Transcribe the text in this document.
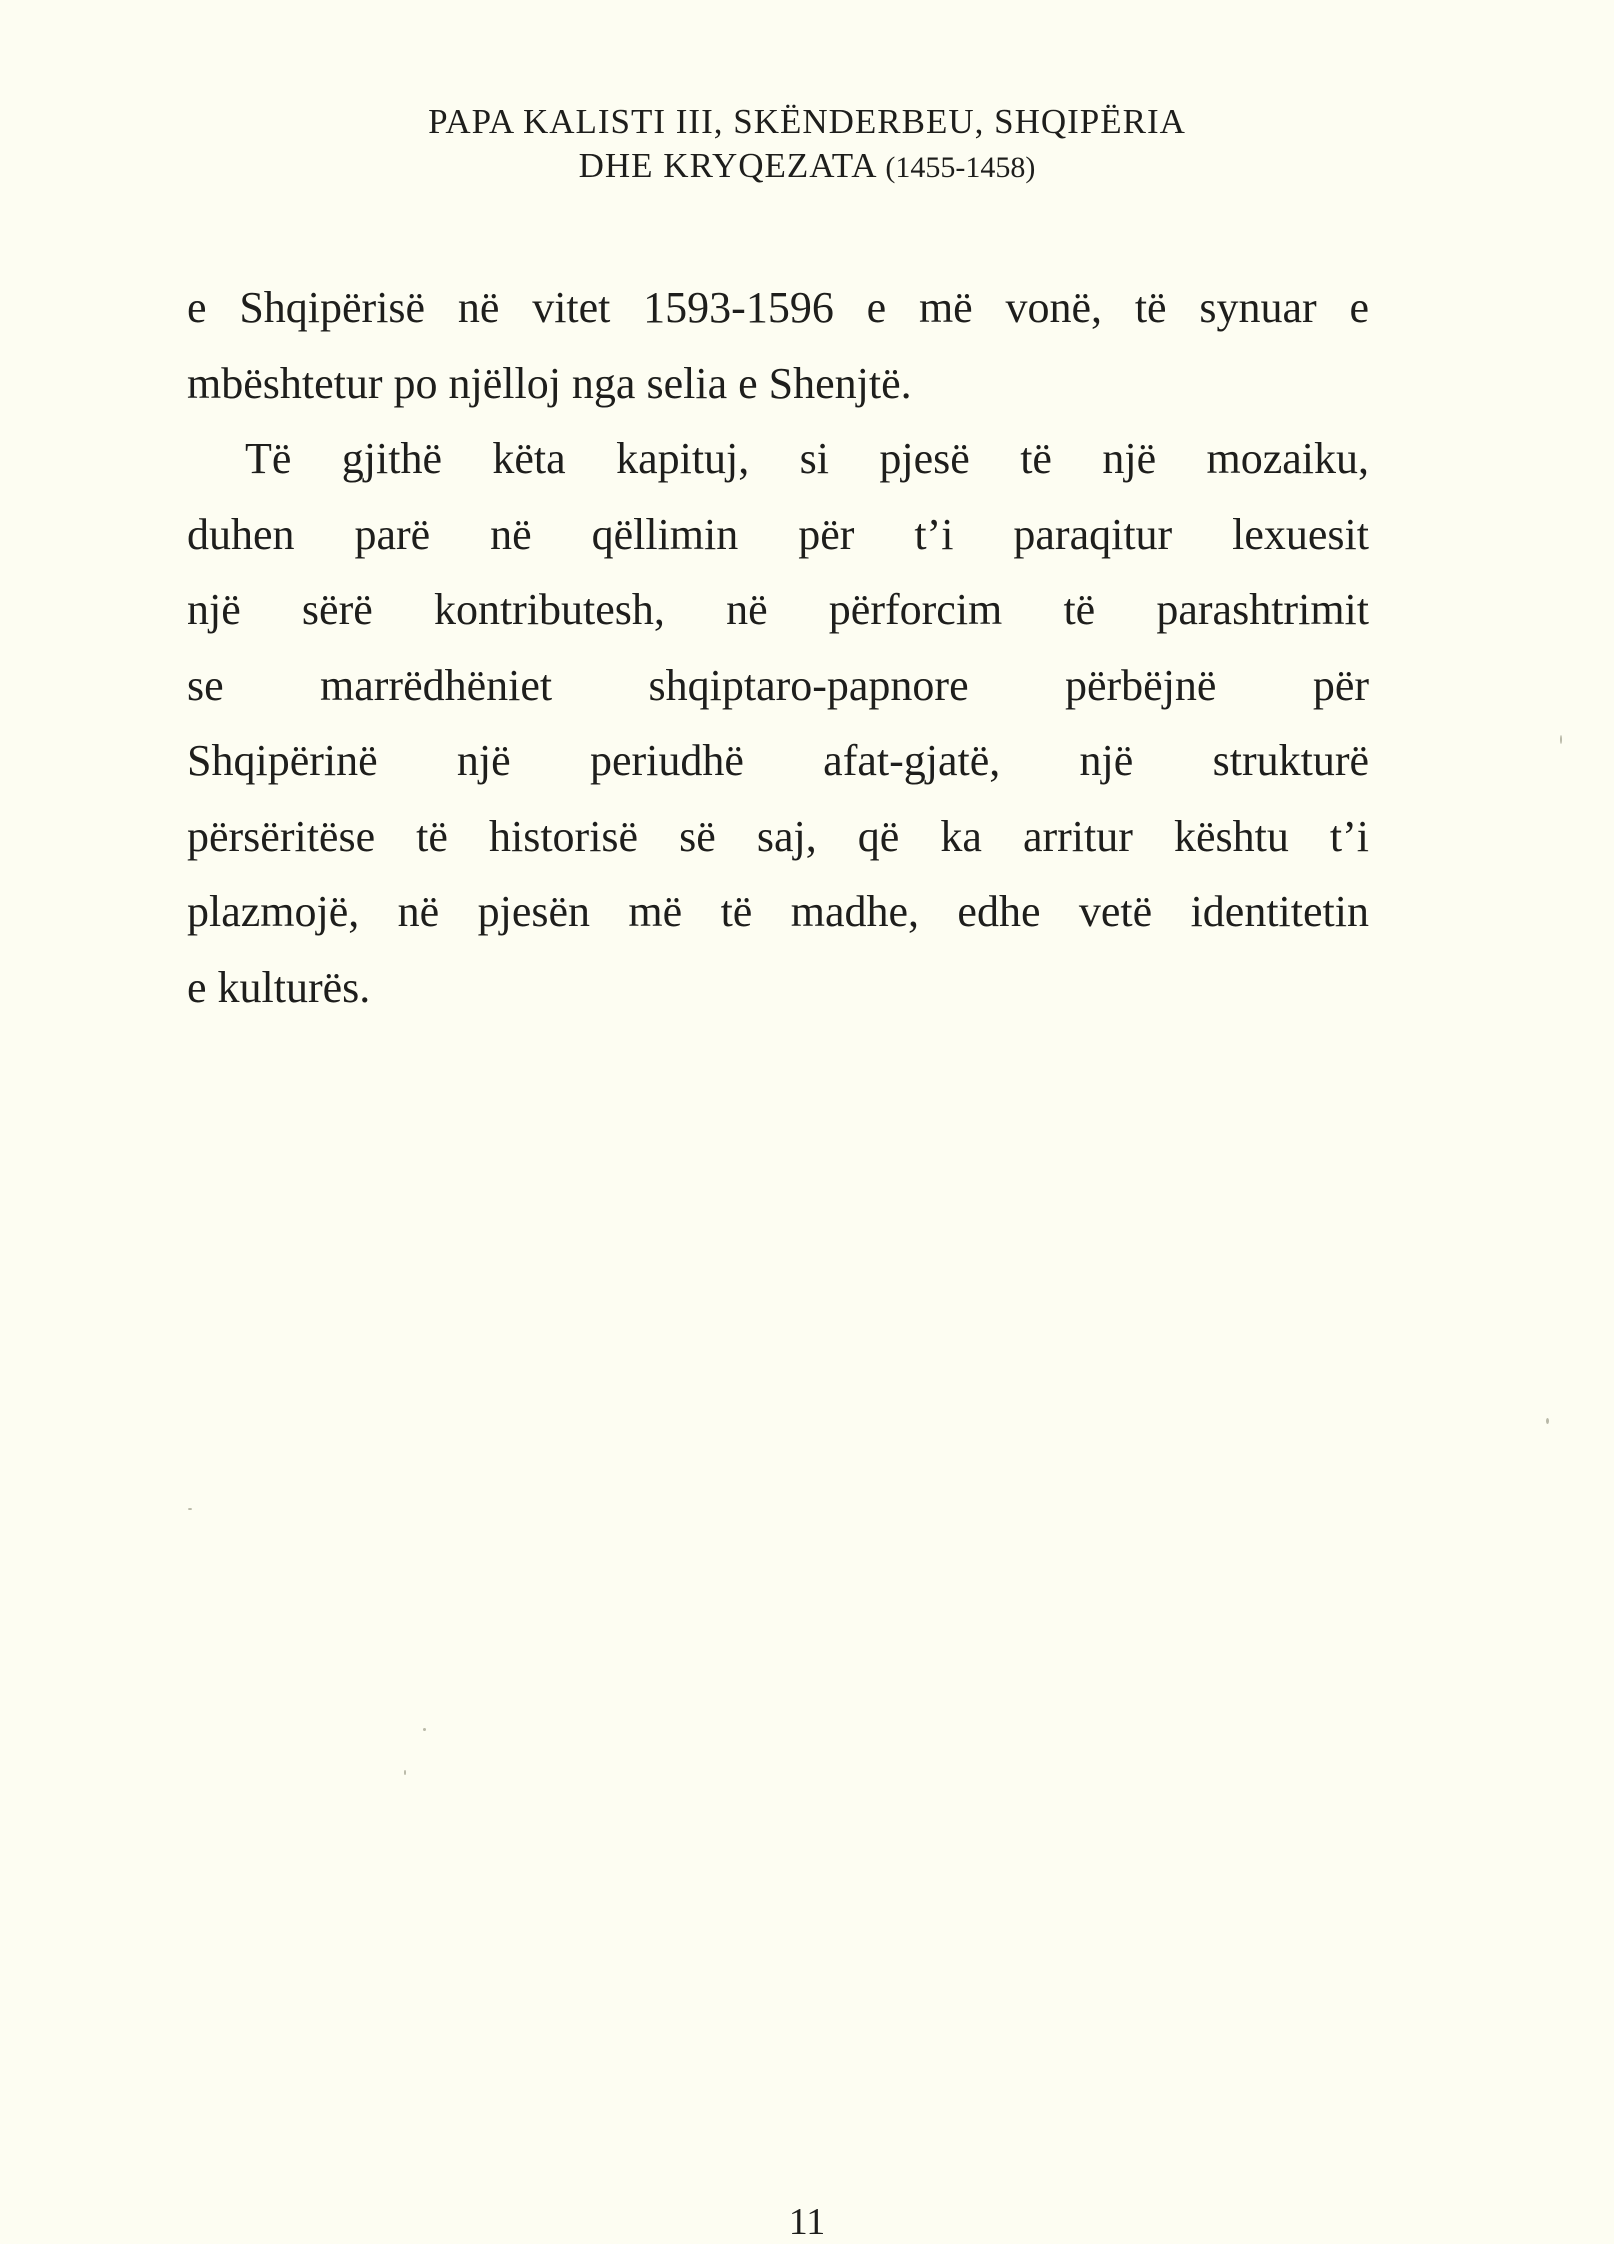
PAPA KALISTI III, SKËNDERBEU, SHQIPËRIA
DHE KRYQEZATA (1455-1458)
e Shqipërisë në vitet 1593-1596 e më vonë, të synuar e
mbështetur po njëlloj nga selia e Shenjtë.
Të gjithë këta kapituj, si pjesë të një mozaiku,
duhen parë në qëllimin për t’i paraqitur lexuesit
një sërë kontributesh, në përforcim të parashtrimit
se marrëdhëniet shqiptaro-papnore përbëjnë për
Shqipërinë një periudhë afat-gjatë, një strukturë
përsëritëse të historisë së saj, që ka arritur kështu t’i
plazmojë, në pjesën më të madhe, edhe vetë identitetin
e kulturës.
11
